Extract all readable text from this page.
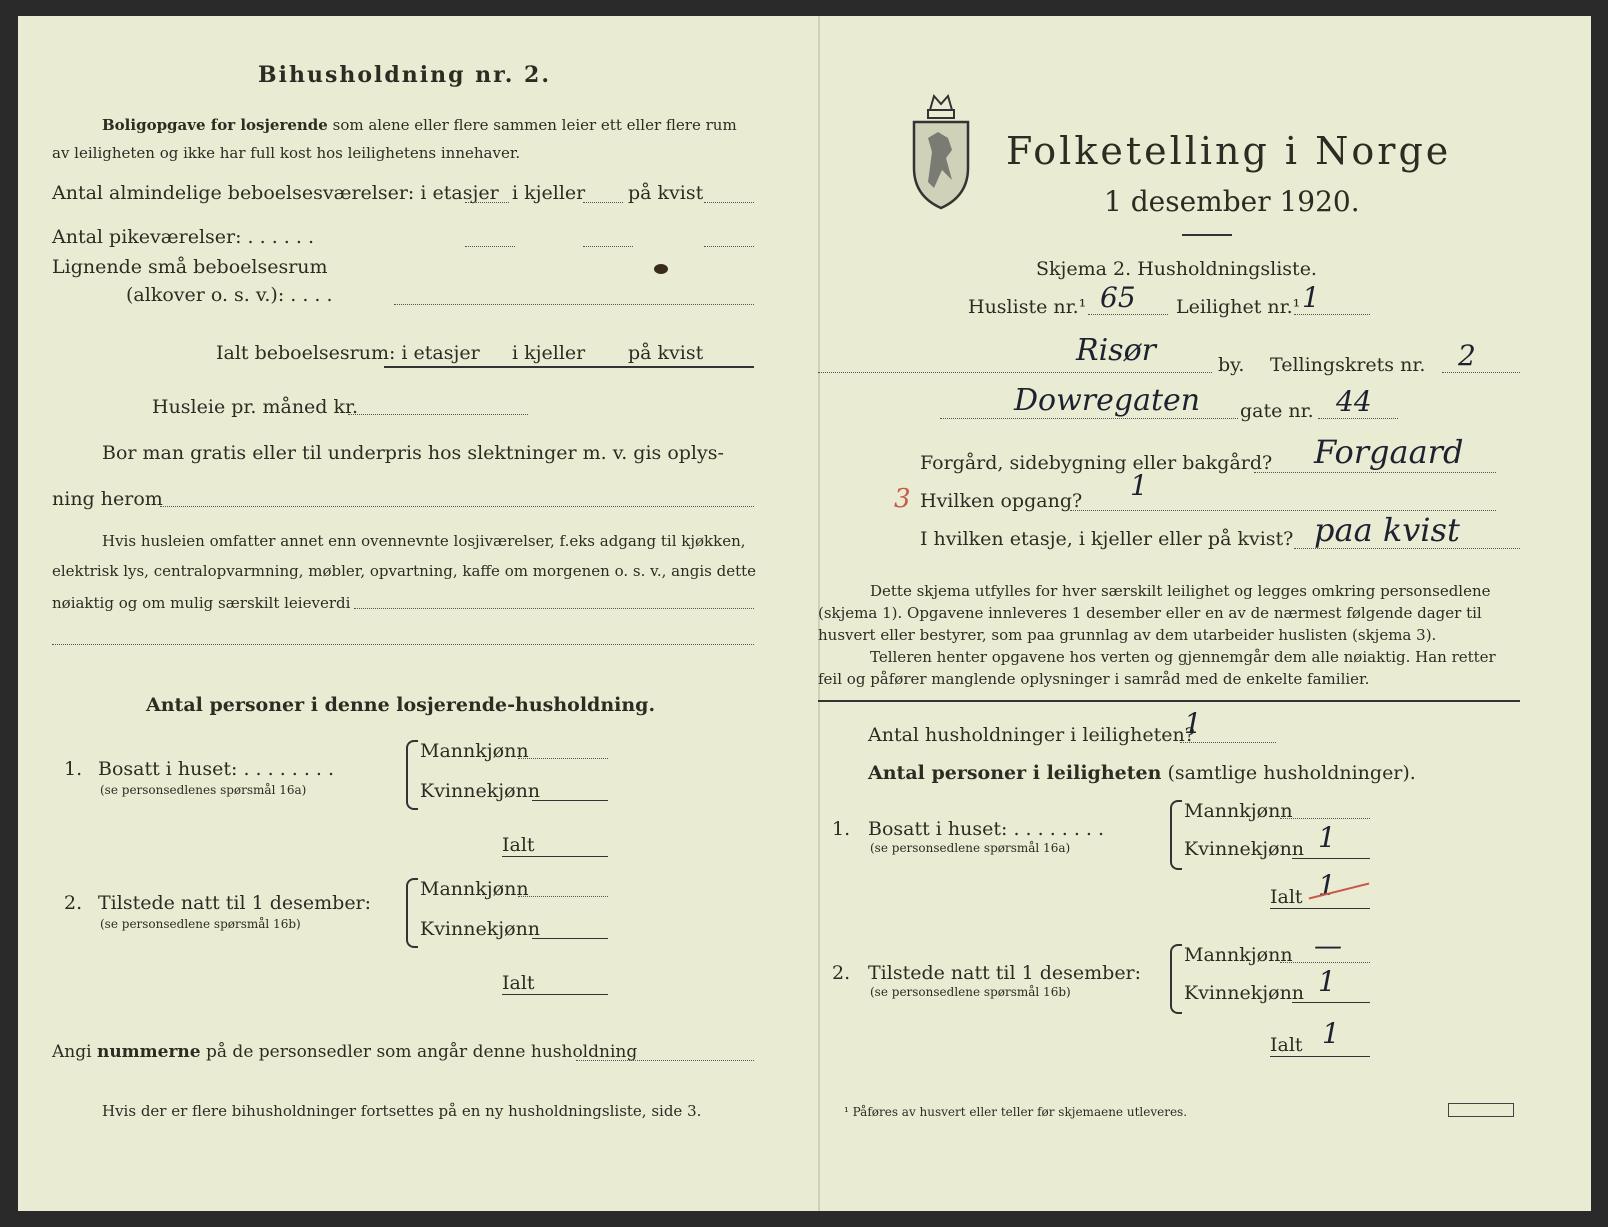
Bihusholdning nr. 2.
Boligopgave for losjerende som alene eller flere sammen leier ett eller flere rum
av leiligheten og ikke har full kost hos leilighetens innehaver.
Antal almindelige beboelsesværelser: i etasjer i kjeller på kvist
Antal pikeværelser: . . . . . .
Lignende små beboelsesrum
(alkover o. s. v.): . . . .
Ialt beboelsesrum: i etasjer i kjeller på kvist
Husleie pr. måned kr.
Bor man gratis eller til underpris hos slektninger m. v. gis oplys-
ning herom
Hvis husleien omfatter annet enn ovennevnte losjiværelser, f.eks adgang til kjøkken,
elektrisk lys, centralopvarmning, møbler, opvartning, kaffe om morgenen o. s. v., angis dette
nøiaktig og om mulig særskilt leieverdi
Antal personer i denne losjerende-husholdning.
1. Bosatt i huset: . . . . . . . .
(se personsedlenes spørsmål 16a)
Mannkjønn
Kvinnekjønn
Ialt
2. Tilstede natt til 1 desember:
(se personsedlene spørsmål 16b)
Mannkjønn
Kvinnekjønn
Ialt
Angi nummerne på de personsedler som angår denne husholdning
Hvis der er flere bihusholdninger fortsettes på en ny husholdningsliste, side 3.
Folketelling i Norge
1 desember 1920.
Skjema 2. Husholdningsliste.
Husliste nr.¹ 65 Leilighet nr.¹ 1
Risør	by. Tellingskrets nr. 2
Dowregaten gate nr. 44
Forgård, sidebygning eller bakgård? Forgaard
3 Hvilken opgang? 1
I hvilken etasje, i kjeller eller på kvist? paa kvist
Dette skjema utfylles for hver særskilt leilighet og legges omkring personsedlene
(skjema 1). Opgavene innleveres 1 desember eller en av de nærmest følgende dager til
husvert eller bestyrer, som paa grunnlag av dem utarbeider huslisten (skjema 3).
Telleren henter opgavene hos verten og gjennemgår dem alle nøiaktig. Han retter
feil og påfører manglende oplysninger i samråd med de enkelte familier.
Antal husholdninger i leiligheten?
1
Antal personer i leiligheten (samtlige husholdninger).
1. Bosatt i huset: . . . . . . . .
(se personsedlene spørsmål 16a)
Mannkjønn
Kvinnekjønn 1
Ialt 1
2. Tilstede natt til 1 desember:
(se personsedlene spørsmål 16b)
Mannkjønn —
Kvinnekjønn 1
Ialt 1
¹ Påføres av husvert eller teller før skjemaene utleveres.
